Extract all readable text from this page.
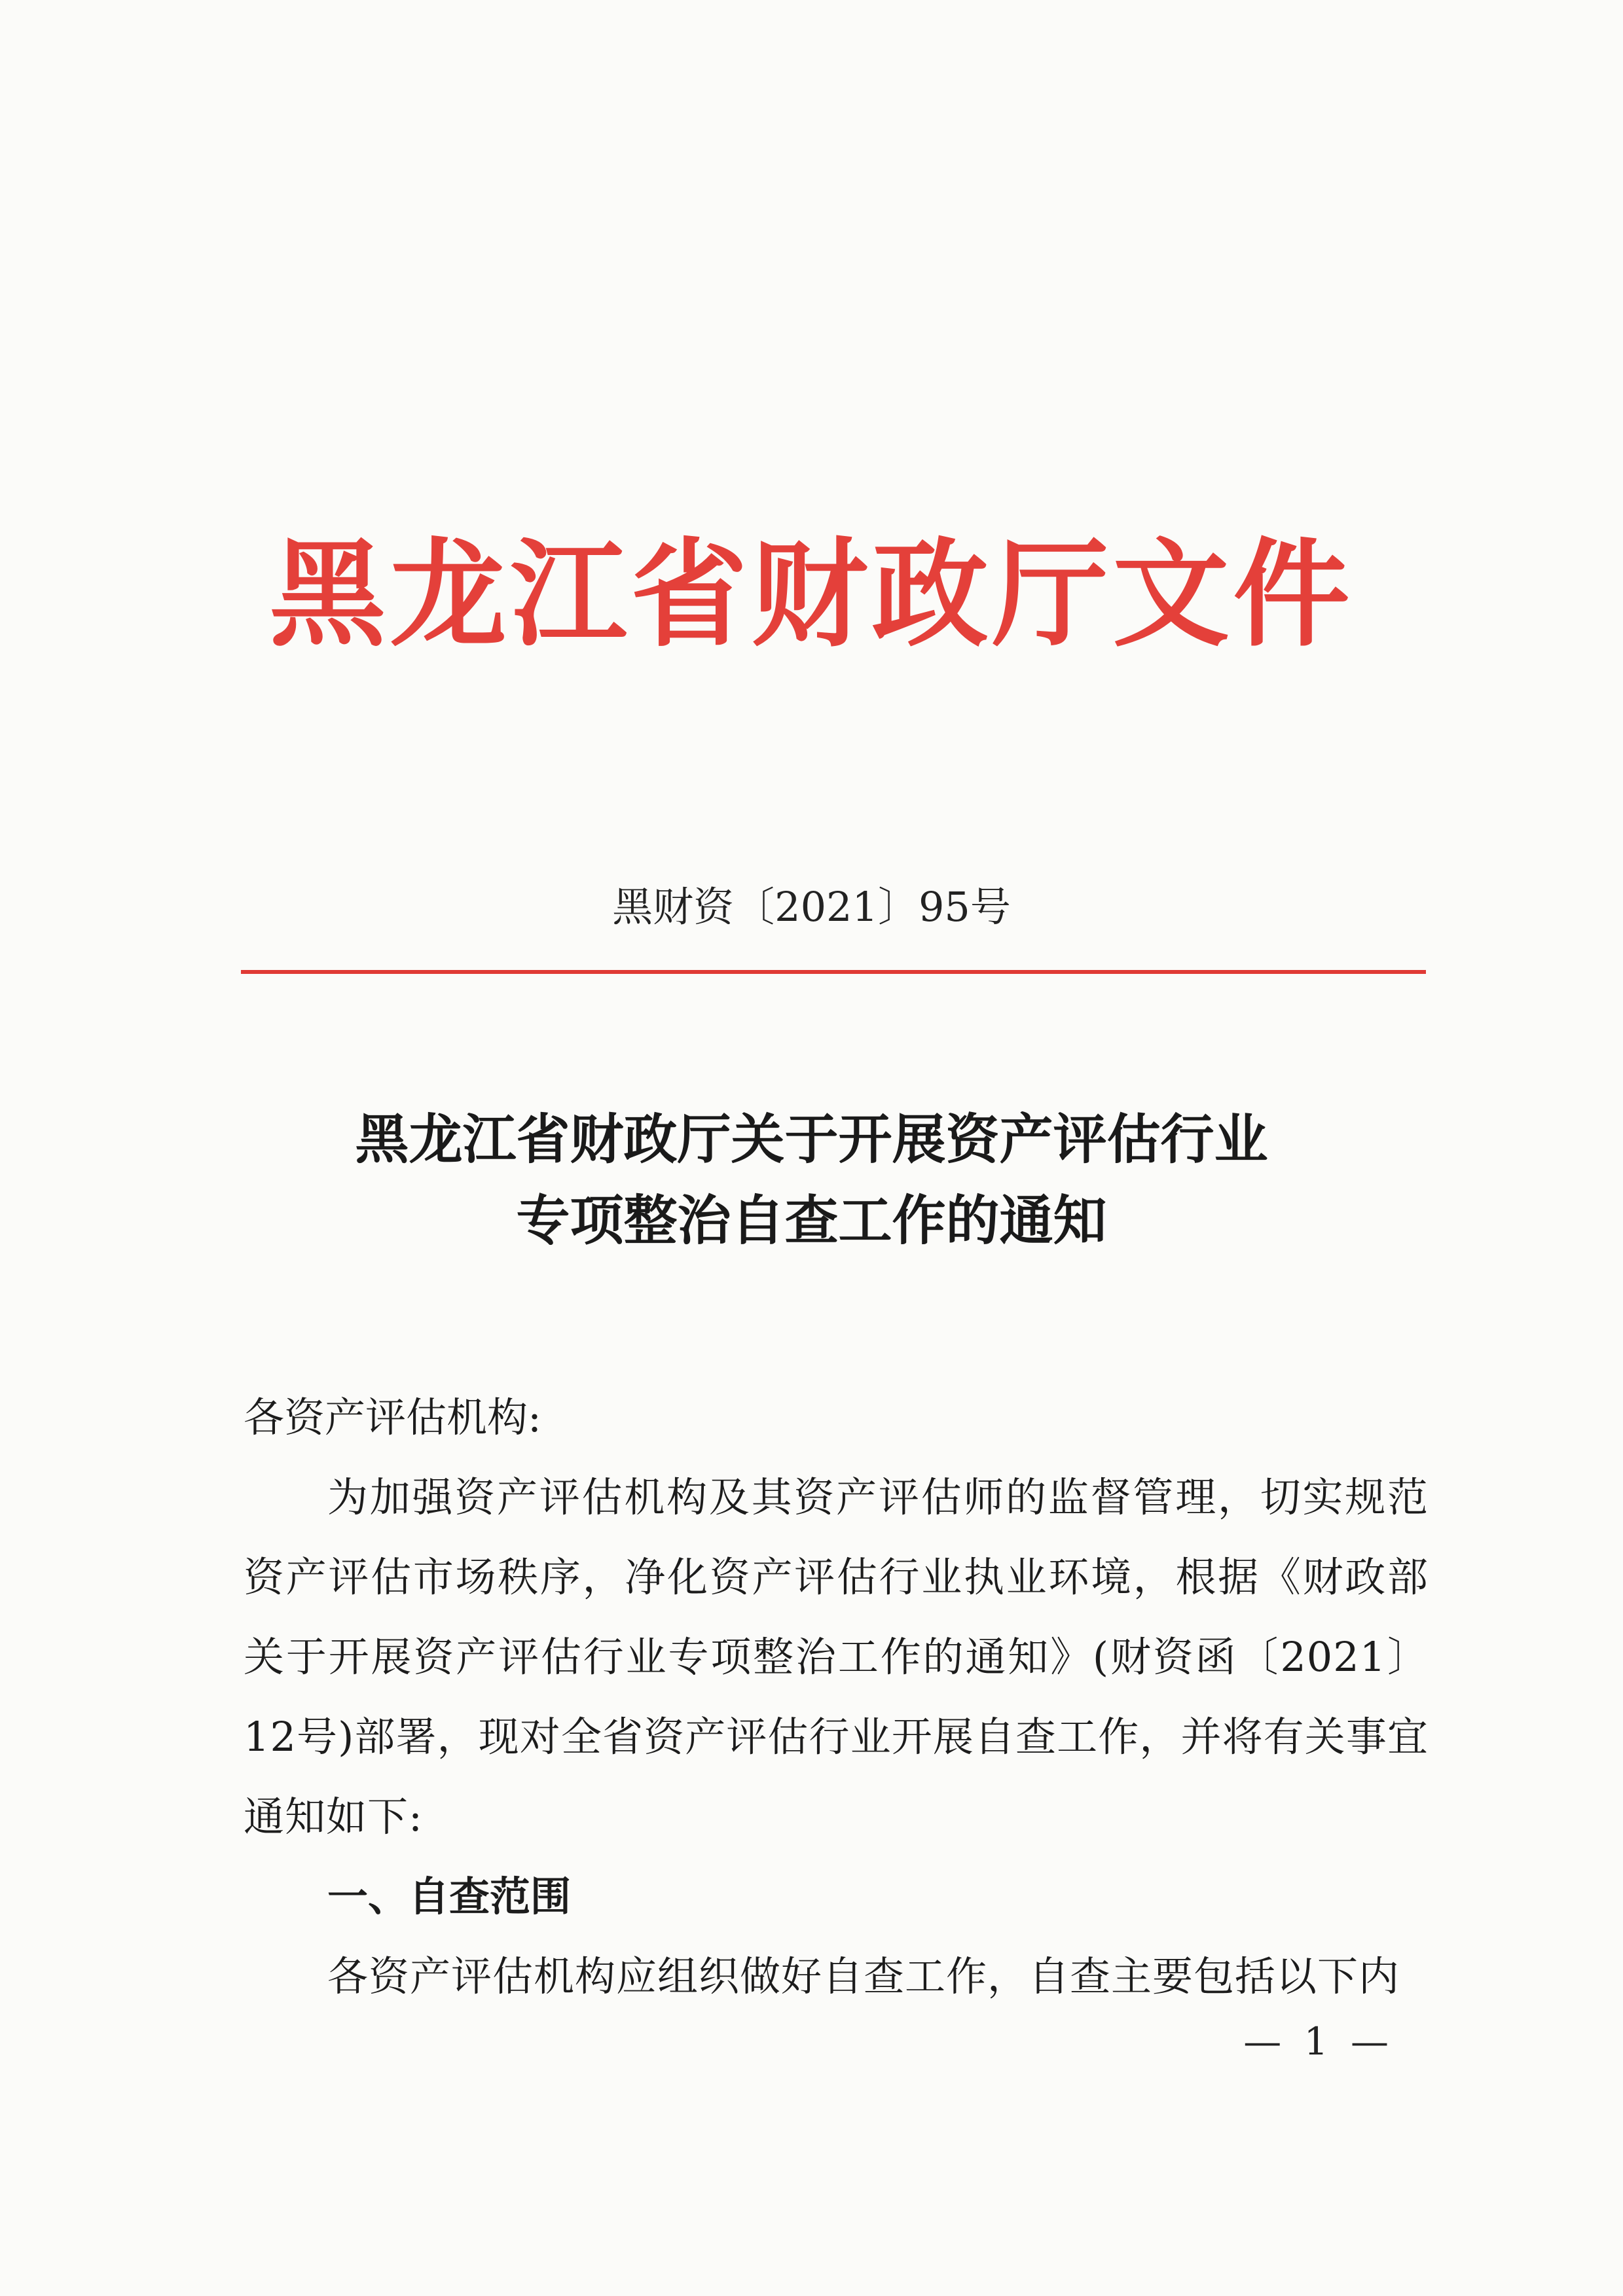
黑龙江省财政厅文件
黑财资〔2021〕95号
黑龙江省财政厅关于开展资产评估行业
专项整治自查工作的通知

各资产评估机构:

为加强资产评估机构及其资产评估师的监督管理，切实规范资产评估市场秩序，净化资产评估行业执业环境，根据《财政部关于开展资产评估行业专项整治工作的通知》(财资函〔2021〕12号)部署，现对全省资产评估行业开展自查工作，并将有关事宜通知如下:

一、自查范围

各资产评估机构应组织做好自查工作，自查主要包括以下内

— 1 —
